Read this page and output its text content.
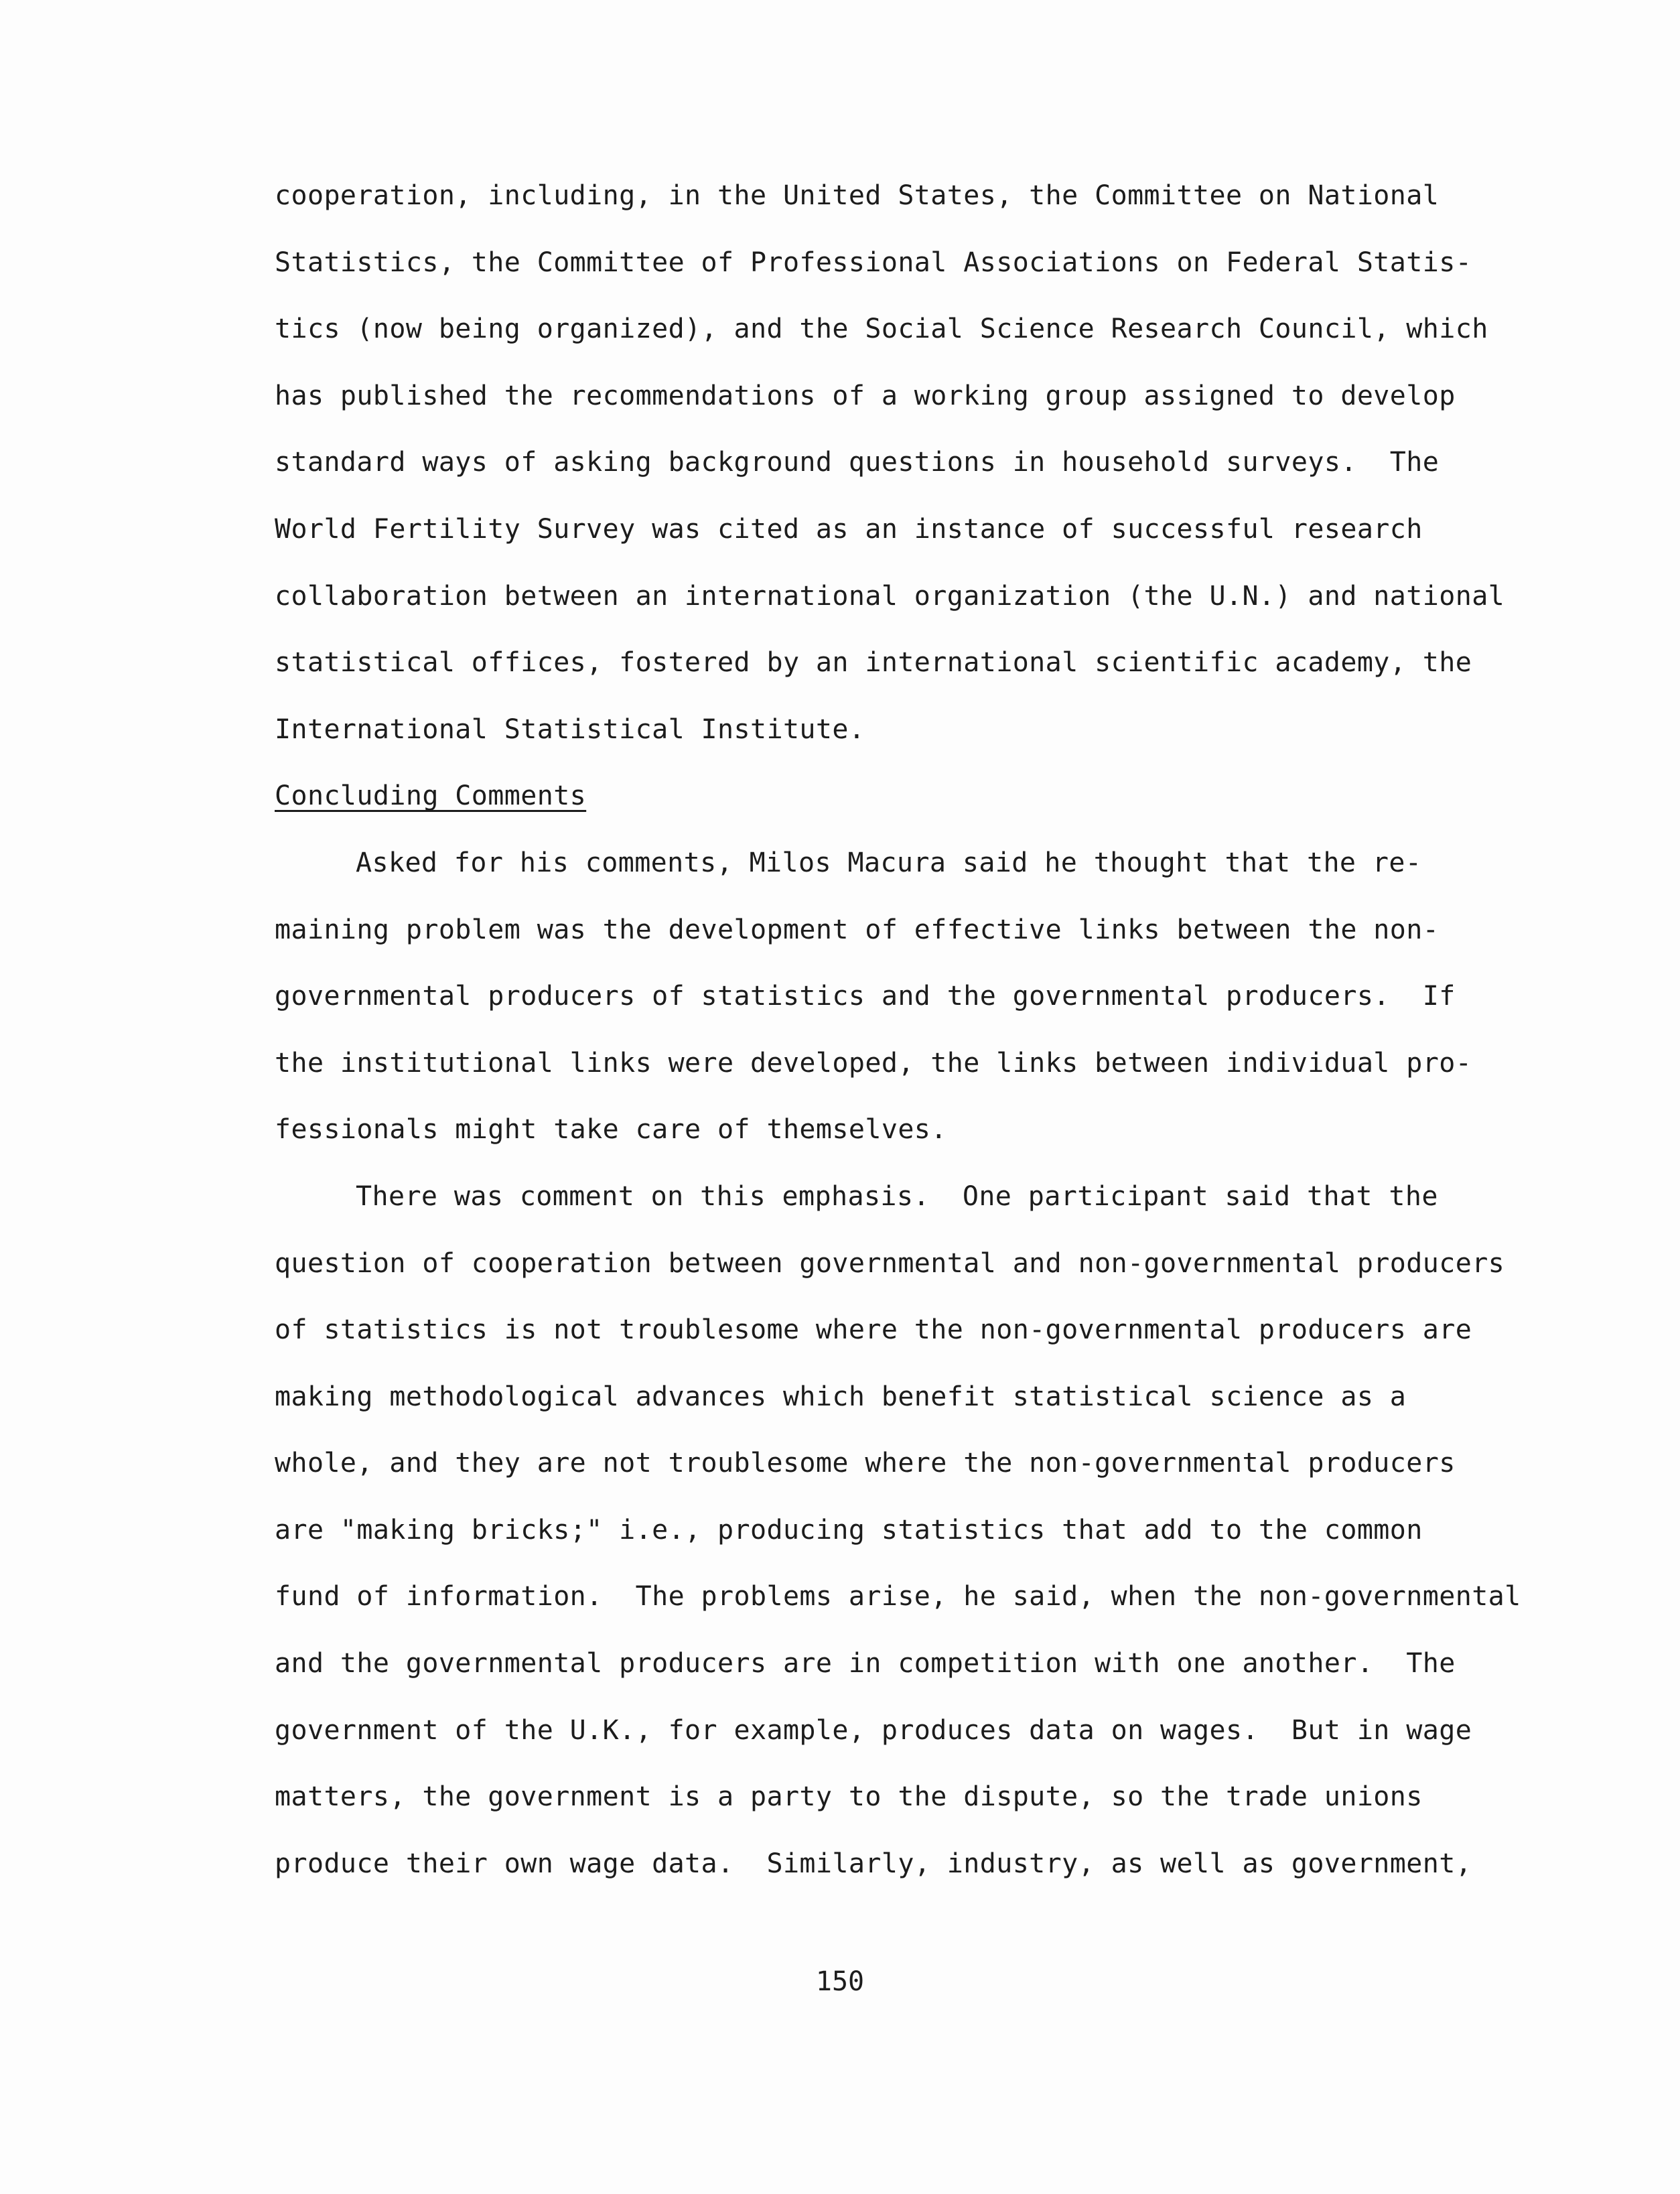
cooperation, including, in the United States, the Committee on National
Statistics, the Committee of Professional Associations on Federal Statis-
tics (now being organized), and the Social Science Research Council, which
has published the recommendations of a working group assigned to develop
standard ways of asking background questions in household surveys.  The
World Fertility Survey was cited as an instance of successful research
collaboration between an international organization (the U.N.) and national
statistical offices, fostered by an international scientific academy, the
International Statistical Institute.
Concluding Comments
Asked for his comments, Milos Macura said he thought that the re-
maining problem was the development of effective links between the non-
governmental producers of statistics and the governmental producers.  If
the institutional links were developed, the links between individual pro-
fessionals might take care of themselves.
There was comment on this emphasis.  One participant said that the
question of cooperation between governmental and non-governmental producers
of statistics is not troublesome where the non-governmental producers are
making methodological advances which benefit statistical science as a
whole, and they are not troublesome where the non-governmental producers
are "making bricks;" i.e., producing statistics that add to the common
fund of information.  The problems arise, he said, when the non-governmental
and the governmental producers are in competition with one another.  The
government of the U.K., for example, produces data on wages.  But in wage
matters, the government is a party to the dispute, so the trade unions
produce their own wage data.  Similarly, industry, as well as government,
150
